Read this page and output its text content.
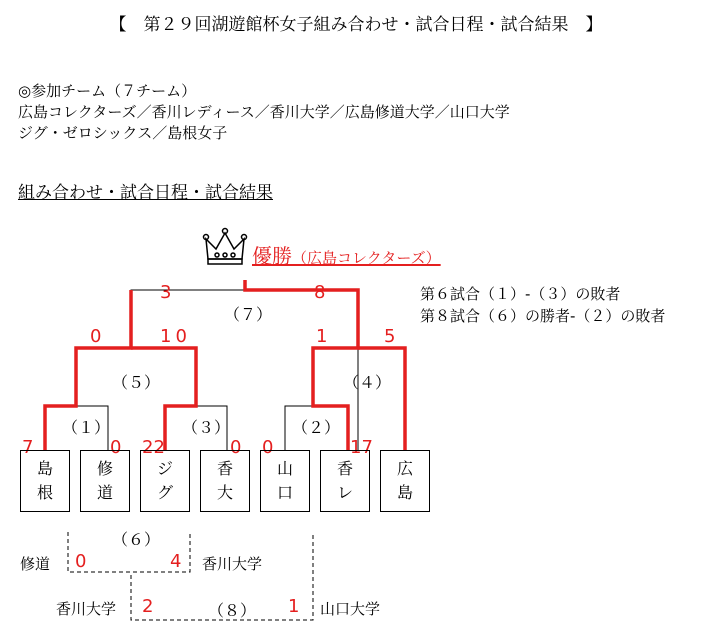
【　第２９回湖遊館杯女子組み合わせ・試合日程・試合結果　】
◎参加チーム（７チーム）
広島コレクターズ／香川レディース／香川大学／広島修道大学／山口大学
ジグ・ゼロシックス／島根女子
組み合わせ・試合日程・試合結果
優勝（広島コレクターズ）
第６試合（１）-（３）の敗者
第８試合（６）の勝者-（２）の敗者
（７）
（５）	（４）
（１）	（３）	（２）
3	8
0	10	1	5
7	0 22	0 0	17
島
根
修
道
ジ
グ
香
大
山
口
香
レ
広
島
（６）
修道 0	4 香川大学
香川大学 2	（８） 1 山口大学
